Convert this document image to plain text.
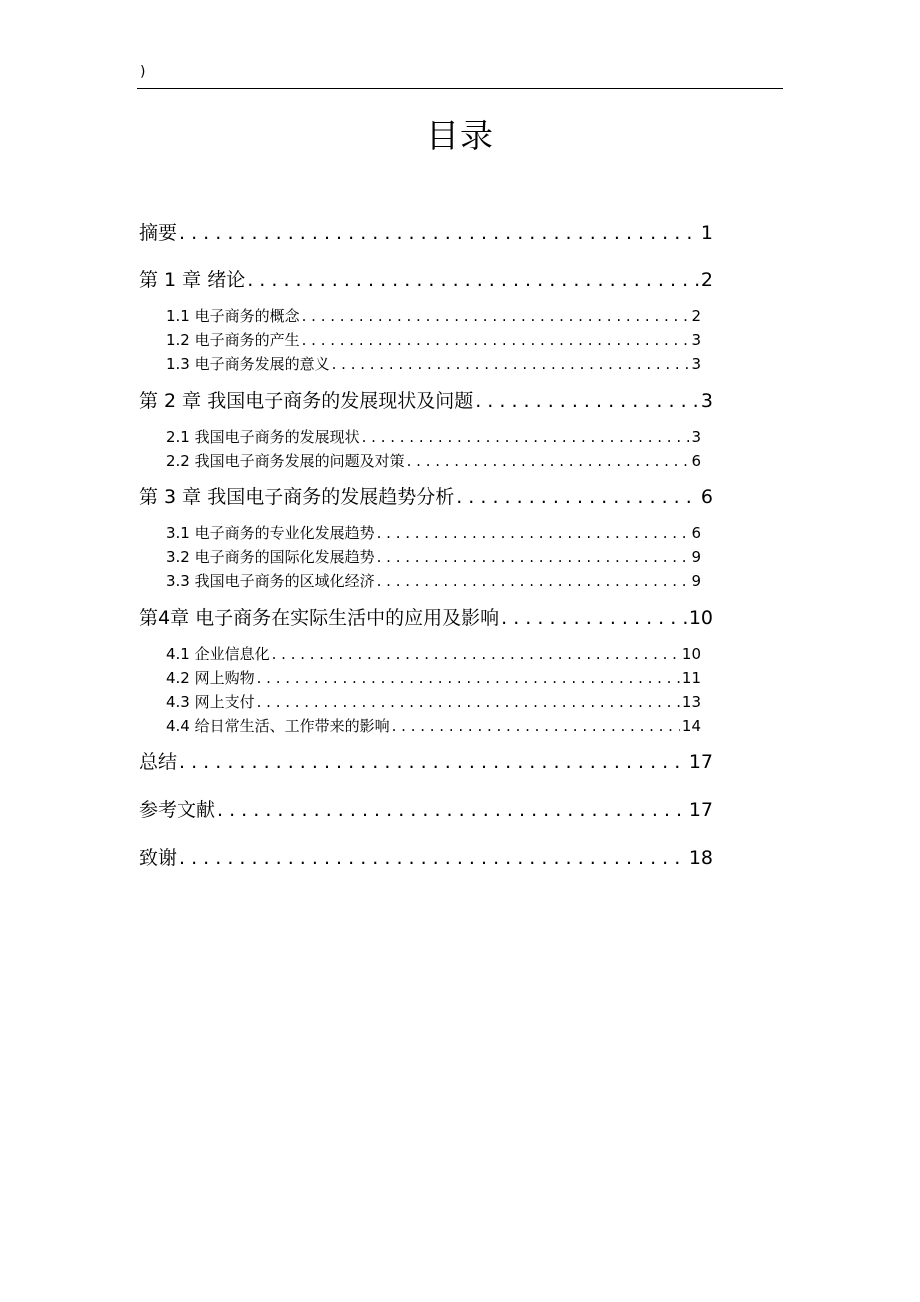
)
目录
摘要 . . .	1
第 1 章 绪论 . . .	2
1.1 电子商务的概念 . . .	2
1.2 电子商务的产生 . . .	3
1.3 电子商务发展的意义 . . .	3
第 2 章 我国电子商务的发展现状及问题 . . .	3
2.1 我国电子商务的发展现状 . . .	3
2.2 我国电子商务发展的问题及对策 . . .	6
第 3 章 我国电子商务的发展趋势分析 . . .	6
3.1 电子商务的专业化发展趋势 . . .	6
3.2 电子商务的国际化发展趋势 . . .	9
3.3 我国电子商务的区域化经济 . . .	9
第4章 电子商务在实际生活中的应用及影响 . . .	10
4.1 企业信息化 . . .	10
4.2 网上购物 . . .	11
4.3 网上支付 . . .	13
4.4 给日常生活、工作带来的影响 . . .	14
总结 . . .	17
参考文献 . . .	17
致谢 . . .	18
